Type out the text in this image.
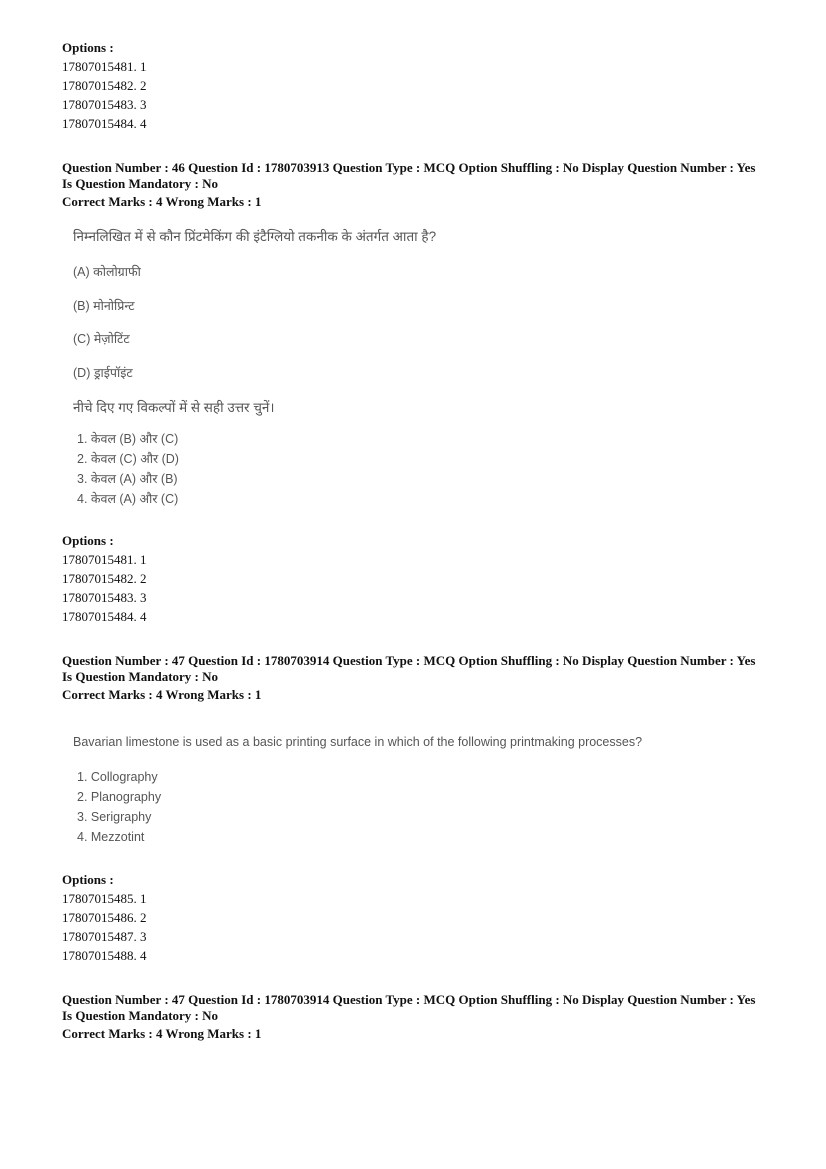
Options :
17807015481. 1
17807015482. 2
17807015483. 3
17807015484. 4
Question Number : 46 Question Id : 1780703913 Question Type : MCQ Option Shuffling : No Display Question Number : Yes
Is Question Mandatory : No
Correct Marks : 4 Wrong Marks : 1
निम्नलिखित में से कौन प्रिंटमेकिंग की इंटैग्लियो तकनीक के अंतर्गत आता है?
(A) कोलोग्राफी
(B) मोनोप्रिन्ट
(C) मेज़ोटिंट
(D) ड्राईपॉइंट
नीचे दिए गए विकल्पों में से सही उत्तर चुनें।
1. केवल (B) और (C)
2. केवल (C) और (D)
3. केवल (A) और (B)
4. केवल (A) और (C)
Options :
17807015481. 1
17807015482. 2
17807015483. 3
17807015484. 4
Question Number : 47 Question Id : 1780703914 Question Type : MCQ Option Shuffling : No Display Question Number : Yes
Is Question Mandatory : No
Correct Marks : 4 Wrong Marks : 1
Bavarian limestone is used as a basic printing surface in which of the following printmaking processes?
1. Collography
2. Planography
3. Serigraphy
4. Mezzotint
Options :
17807015485. 1
17807015486. 2
17807015487. 3
17807015488. 4
Question Number : 47 Question Id : 1780703914 Question Type : MCQ Option Shuffling : No Display Question Number : Yes
Is Question Mandatory : No
Correct Marks : 4 Wrong Marks : 1
